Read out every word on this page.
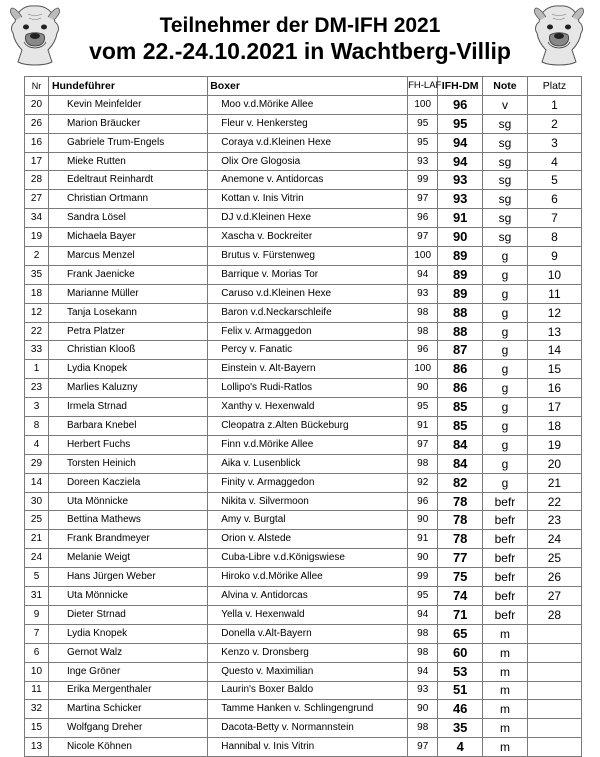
Teilnehmer der DM-IFH 2021
vom 22.-24.10.2021 in Wachtberg-Villip
Nr	Hundeführer	Boxer	FH-LAF	IFH-DM	Note	Platz
20	Kevin Meinfelder	Moo v.d.Mörike Allee	100	96	v	1
26	Marion Bräucker	Fleur v. Henkersteg	95	95	sg	2
16	Gabriele Trum-Engels	Coraya v.d.Kleinen Hexe	95	94	sg	3
17	Mieke Rutten	Olix Ore Glogosia	93	94	sg	4
28	Edeltraut Reinhardt	Anemone v. Antidorcas	99	93	sg	5
27	Christian Ortmann	Kottan v. Inis Vitrin	97	93	sg	6
34	Sandra Lösel	DJ v.d.Kleinen Hexe	96	91	sg	7
19	Michaela Bayer	Xascha v. Bockreiter	97	90	sg	8
2	Marcus Menzel	Brutus v. Fürstenweg	100	89	g	9
35	Frank Jaenicke	Barrique v. Morias Tor	94	89	g	10
18	Marianne Müller	Caruso v.d.Kleinen Hexe	93	89	g	11
12	Tanja Losekann	Baron v.d.Neckarschleife	98	88	g	12
22	Petra Platzer	Felix v. Armaggedon	98	88	g	13
33	Christian Klooß	Percy v. Fanatic	96	87	g	14
1	Lydia Knopek	Einstein v. Alt-Bayern	100	86	g	15
23	Marlies Kaluzny	Lollipo's Rudi-Ratlos	90	86	g	16
3	Irmela Strnad	Xanthy v. Hexenwald	95	85	g	17
8	Barbara Knebel	Cleopatra z.Alten Bückeburg	91	85	g	18
4	Herbert Fuchs	Finn v.d.Mörike Allee	97	84	g	19
29	Torsten Heinich	Aika v. Lusenblick	98	84	g	20
14	Doreen Kacziela	Finity v. Armaggedon	92	82	g	21
30	Uta Mönnicke	Nikita v. Silvermoon	96	78	befr	22
25	Bettina Mathews	Amy v. Burgtal	90	78	befr	23
21	Frank Brandmeyer	Orion v. Alstede	91	78	befr	24
24	Melanie Weigt	Cuba-Libre v.d.Königswiese	90	77	befr	25
5	Hans Jürgen Weber	Hiroko v.d.Mörike Allee	99	75	befr	26
31	Uta Mönnicke	Alvina v. Antidorcas	95	74	befr	27
9	Dieter Strnad	Yella v. Hexenwald	94	71	befr	28
7	Lydia Knopek	Donella v.Alt-Bayern	98	65	m	
6	Gernot Walz	Kenzo v. Dronsberg	98	60	m	
10	Inge Gröner	Questo v. Maximilian	94	53	m	
11	Erika Mergenthaler	Laurin's Boxer Baldo	93	51	m	
32	Martina Schicker	Tamme Hanken v. Schlingengrund	90	46	m	
15	Wolfgang Dreher	Dacota-Betty v. Normannstein	98	35	m	
13	Nicole Köhnen	Hannibal v. Inis Vitrin	97	4	m	
